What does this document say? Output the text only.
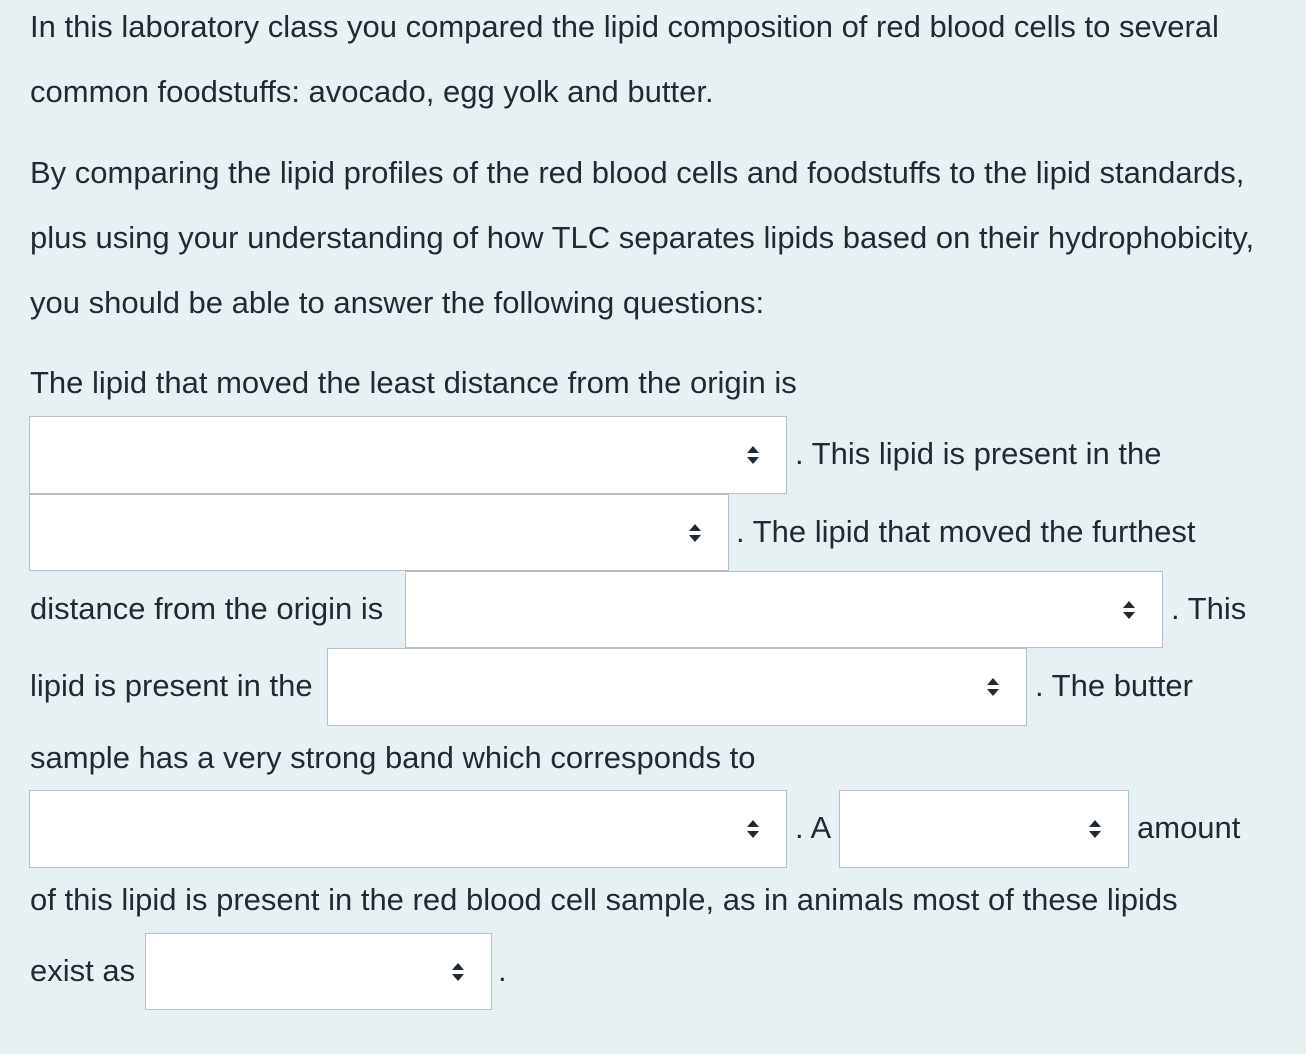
In this laboratory class you compared the lipid composition of red blood cells to several common foodstuffs: avocado, egg yolk and butter.

By comparing the lipid profiles of the red blood cells and foodstuffs to the lipid standards, plus using your understanding of how TLC separates lipids based on their hydrophobicity, you should be able to answer the following questions:

The lipid that moved the least distance from the origin is
. This lipid is present in the
. The lipid that moved the furthest
distance from the origin is	. This
lipid is present in the	. The butter
sample has a very strong band which corresponds to
. A	amount
of this lipid is present in the red blood cell sample, as in animals most of these lipids
exist as	.
